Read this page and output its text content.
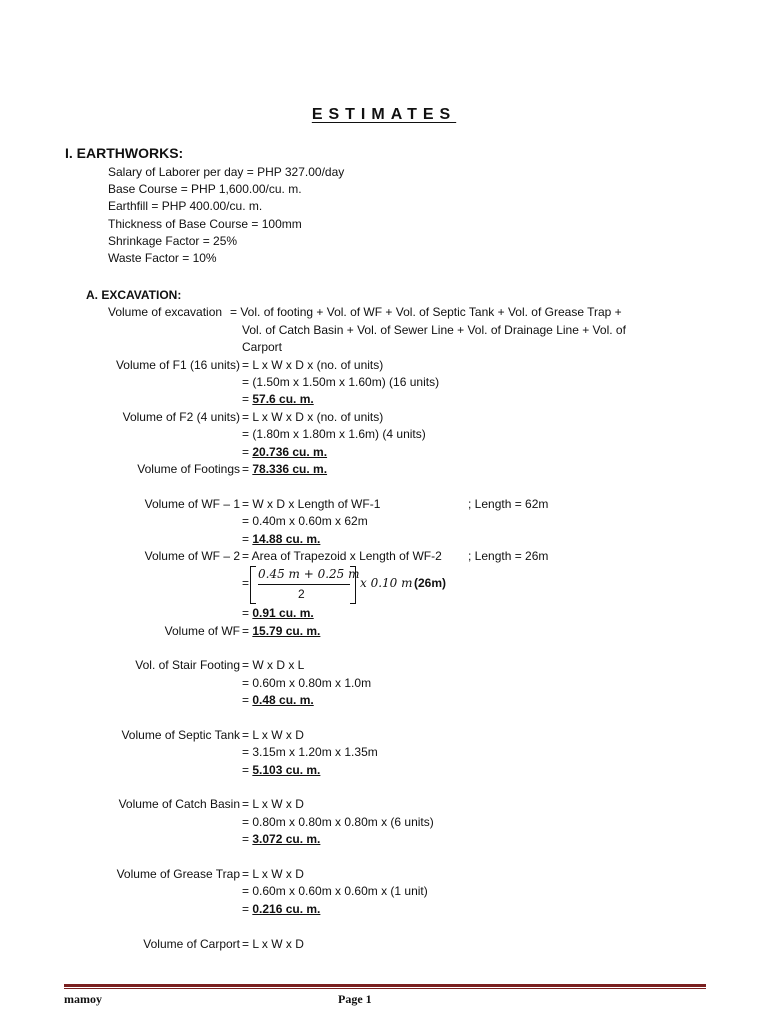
ESTIMATES
I. EARTHWORKS:
Salary of Laborer per day = PHP 327.00/day
Base Course = PHP 1,600.00/cu. m.
Earthfill = PHP 400.00/cu. m.
Thickness of Base Course = 100mm
Shrinkage Factor = 25%
Waste Factor = 10%
A. EXCAVATION:
Volume of excavation = Vol. of footing + Vol. of WF + Vol. of Septic Tank + Vol. of Grease Trap +
Vol. of Catch Basin + Vol. of Sewer Line + Vol. of Drainage Line + Vol. of
Carport
Volume of F1 (16 units) = L x W x D x (no. of units)
= (1.50m x 1.50m x 1.60m) (16 units)
= 57.6 cu. m.
Volume of F2 (4 units) = L x W x D x (no. of units)
= (1.80m x 1.80m x 1.6m) (4 units)
= 20.736 cu. m.
Volume of Footings = 78.336 cu. m.
Volume of WF – 1 = W x D x Length of WF-1	; Length = 62m
= 0.40m x 0.60m x 62m
= 14.88 cu. m.
Volume of WF – 2 = Area of Trapezoid x Length of WF-2 ; Length = 26m
=
0.45 m + 0.25 m
2
x 0.10 m (26m)
= 0.91 cu. m.
Volume of WF = 15.79 cu. m.
Vol. of Stair Footing = W x D x L
= 0.60m x 0.80m x 1.0m
= 0.48 cu. m.
Volume of Septic Tank = L x W x D
= 3.15m x 1.20m x 1.35m
= 5.103 cu. m.
Volume of Catch Basin = L x W x D
= 0.80m x 0.80m x 0.80m x (6 units)
= 3.072 cu. m.
Volume of Grease Trap = L x W x D
= 0.60m x 0.60m x 0.60m x (1 unit)
= 0.216 cu. m.
Volume of Carport = L x W x D
mamoy	Page 1
